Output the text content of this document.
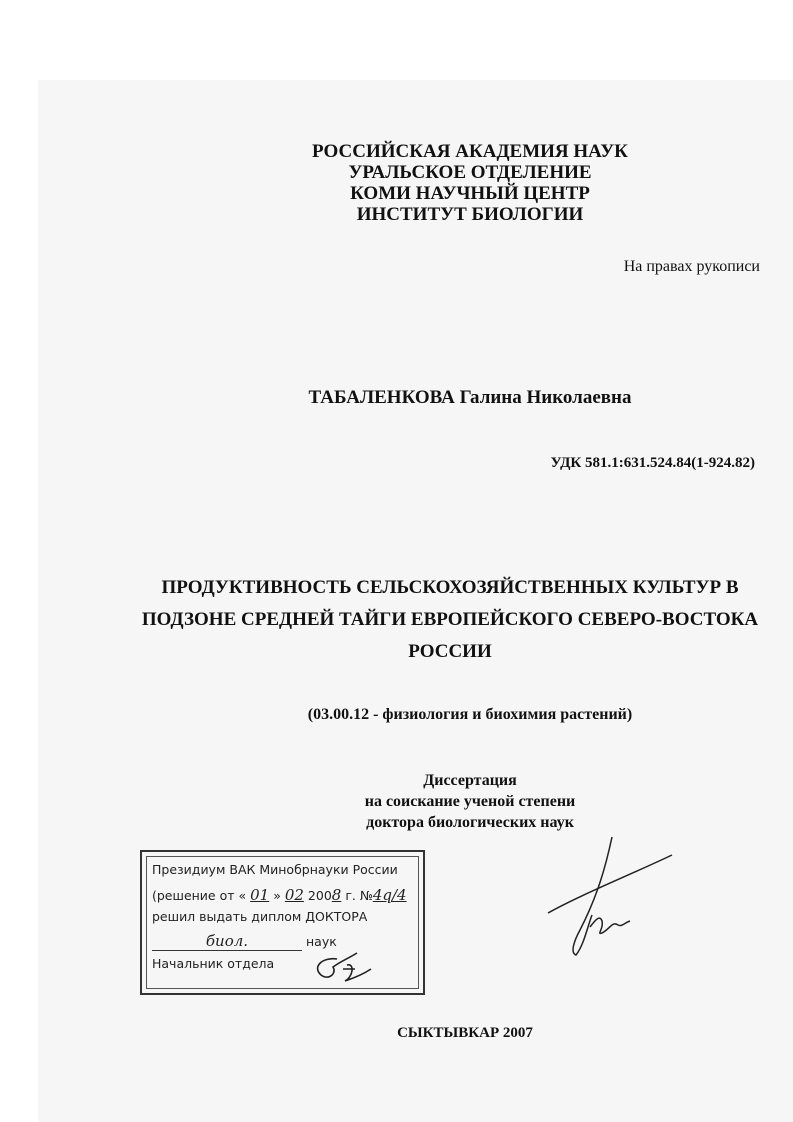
РОССИЙСКАЯ АКАДЕМИЯ НАУК
УРАЛЬСКОЕ ОТДЕЛЕНИЕ
КОМИ НАУЧНЫЙ ЦЕНТР
ИНСТИТУТ БИОЛОГИИ
На правах рукописи
ТАБАЛЕНКОВА Галина Николаевна
УДК 581.1:631.524.84(1-924.82)
ПРОДУКТИВНОСТЬ СЕЛЬСКОХОЗЯЙСТВЕННЫХ КУЛЬТУР В
ПОДЗОНЕ СРЕДНЕЙ ТАЙГИ ЕВРОПЕЙСКОГО СЕВЕРО-ВОСТОКА
РОССИИ
(03.00.12 - физиология и биохимия растений)
Диссертация
на соискание ученой степени
доктора биологических наук
Президиум ВАК Минобрнауки России
(решение от « 01 » 02 2008 г. №4q/4
решил выдать диплом ДОКТОРА
биол.	наук
Начальник отдела
СЫКТЫВКАР 2007
